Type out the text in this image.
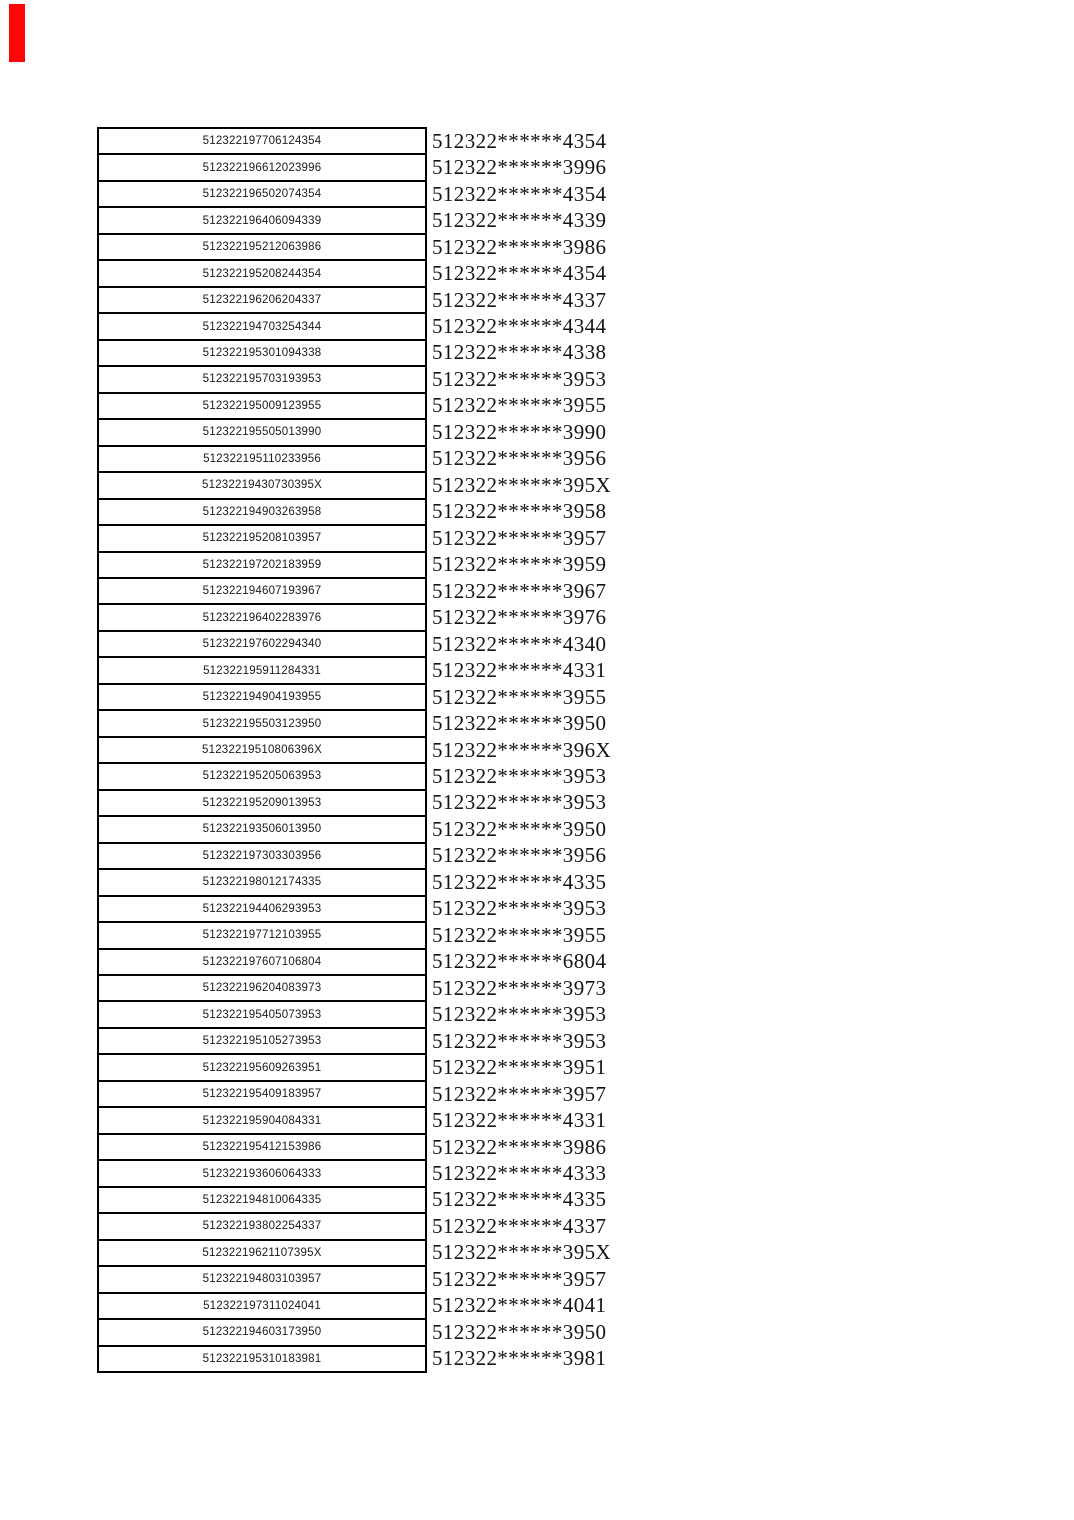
512322197706124354	512322******4354
512322196612023996	512322******3996
512322196502074354	512322******4354
512322196406094339	512322******4339
512322195212063986	512322******3986
512322195208244354	512322******4354
512322196206204337	512322******4337
512322194703254344	512322******4344
512322195301094338	512322******4338
512322195703193953	512322******3953
512322195009123955	512322******3955
512322195505013990	512322******3990
512322195110233956	512322******3956
51232219430730395X	512322******395X
512322194903263958	512322******3958
512322195208103957	512322******3957
512322197202183959	512322******3959
512322194607193967	512322******3967
512322196402283976	512322******3976
512322197602294340	512322******4340
512322195911284331	512322******4331
512322194904193955	512322******3955
512322195503123950	512322******3950
51232219510806396X	512322******396X
512322195205063953	512322******3953
512322195209013953	512322******3953
512322193506013950	512322******3950
512322197303303956	512322******3956
512322198012174335	512322******4335
512322194406293953	512322******3953
512322197712103955	512322******3955
512322197607106804	512322******6804
512322196204083973	512322******3973
512322195405073953	512322******3953
512322195105273953	512322******3953
512322195609263951	512322******3951
512322195409183957	512322******3957
512322195904084331	512322******4331
512322195412153986	512322******3986
512322193606064333	512322******4333
512322194810064335	512322******4335
512322193802254337	512322******4337
51232219621107395X	512322******395X
512322194803103957	512322******3957
512322197311024041	512322******4041
512322194603173950	512322******3950
512322195310183981	512322******3981
